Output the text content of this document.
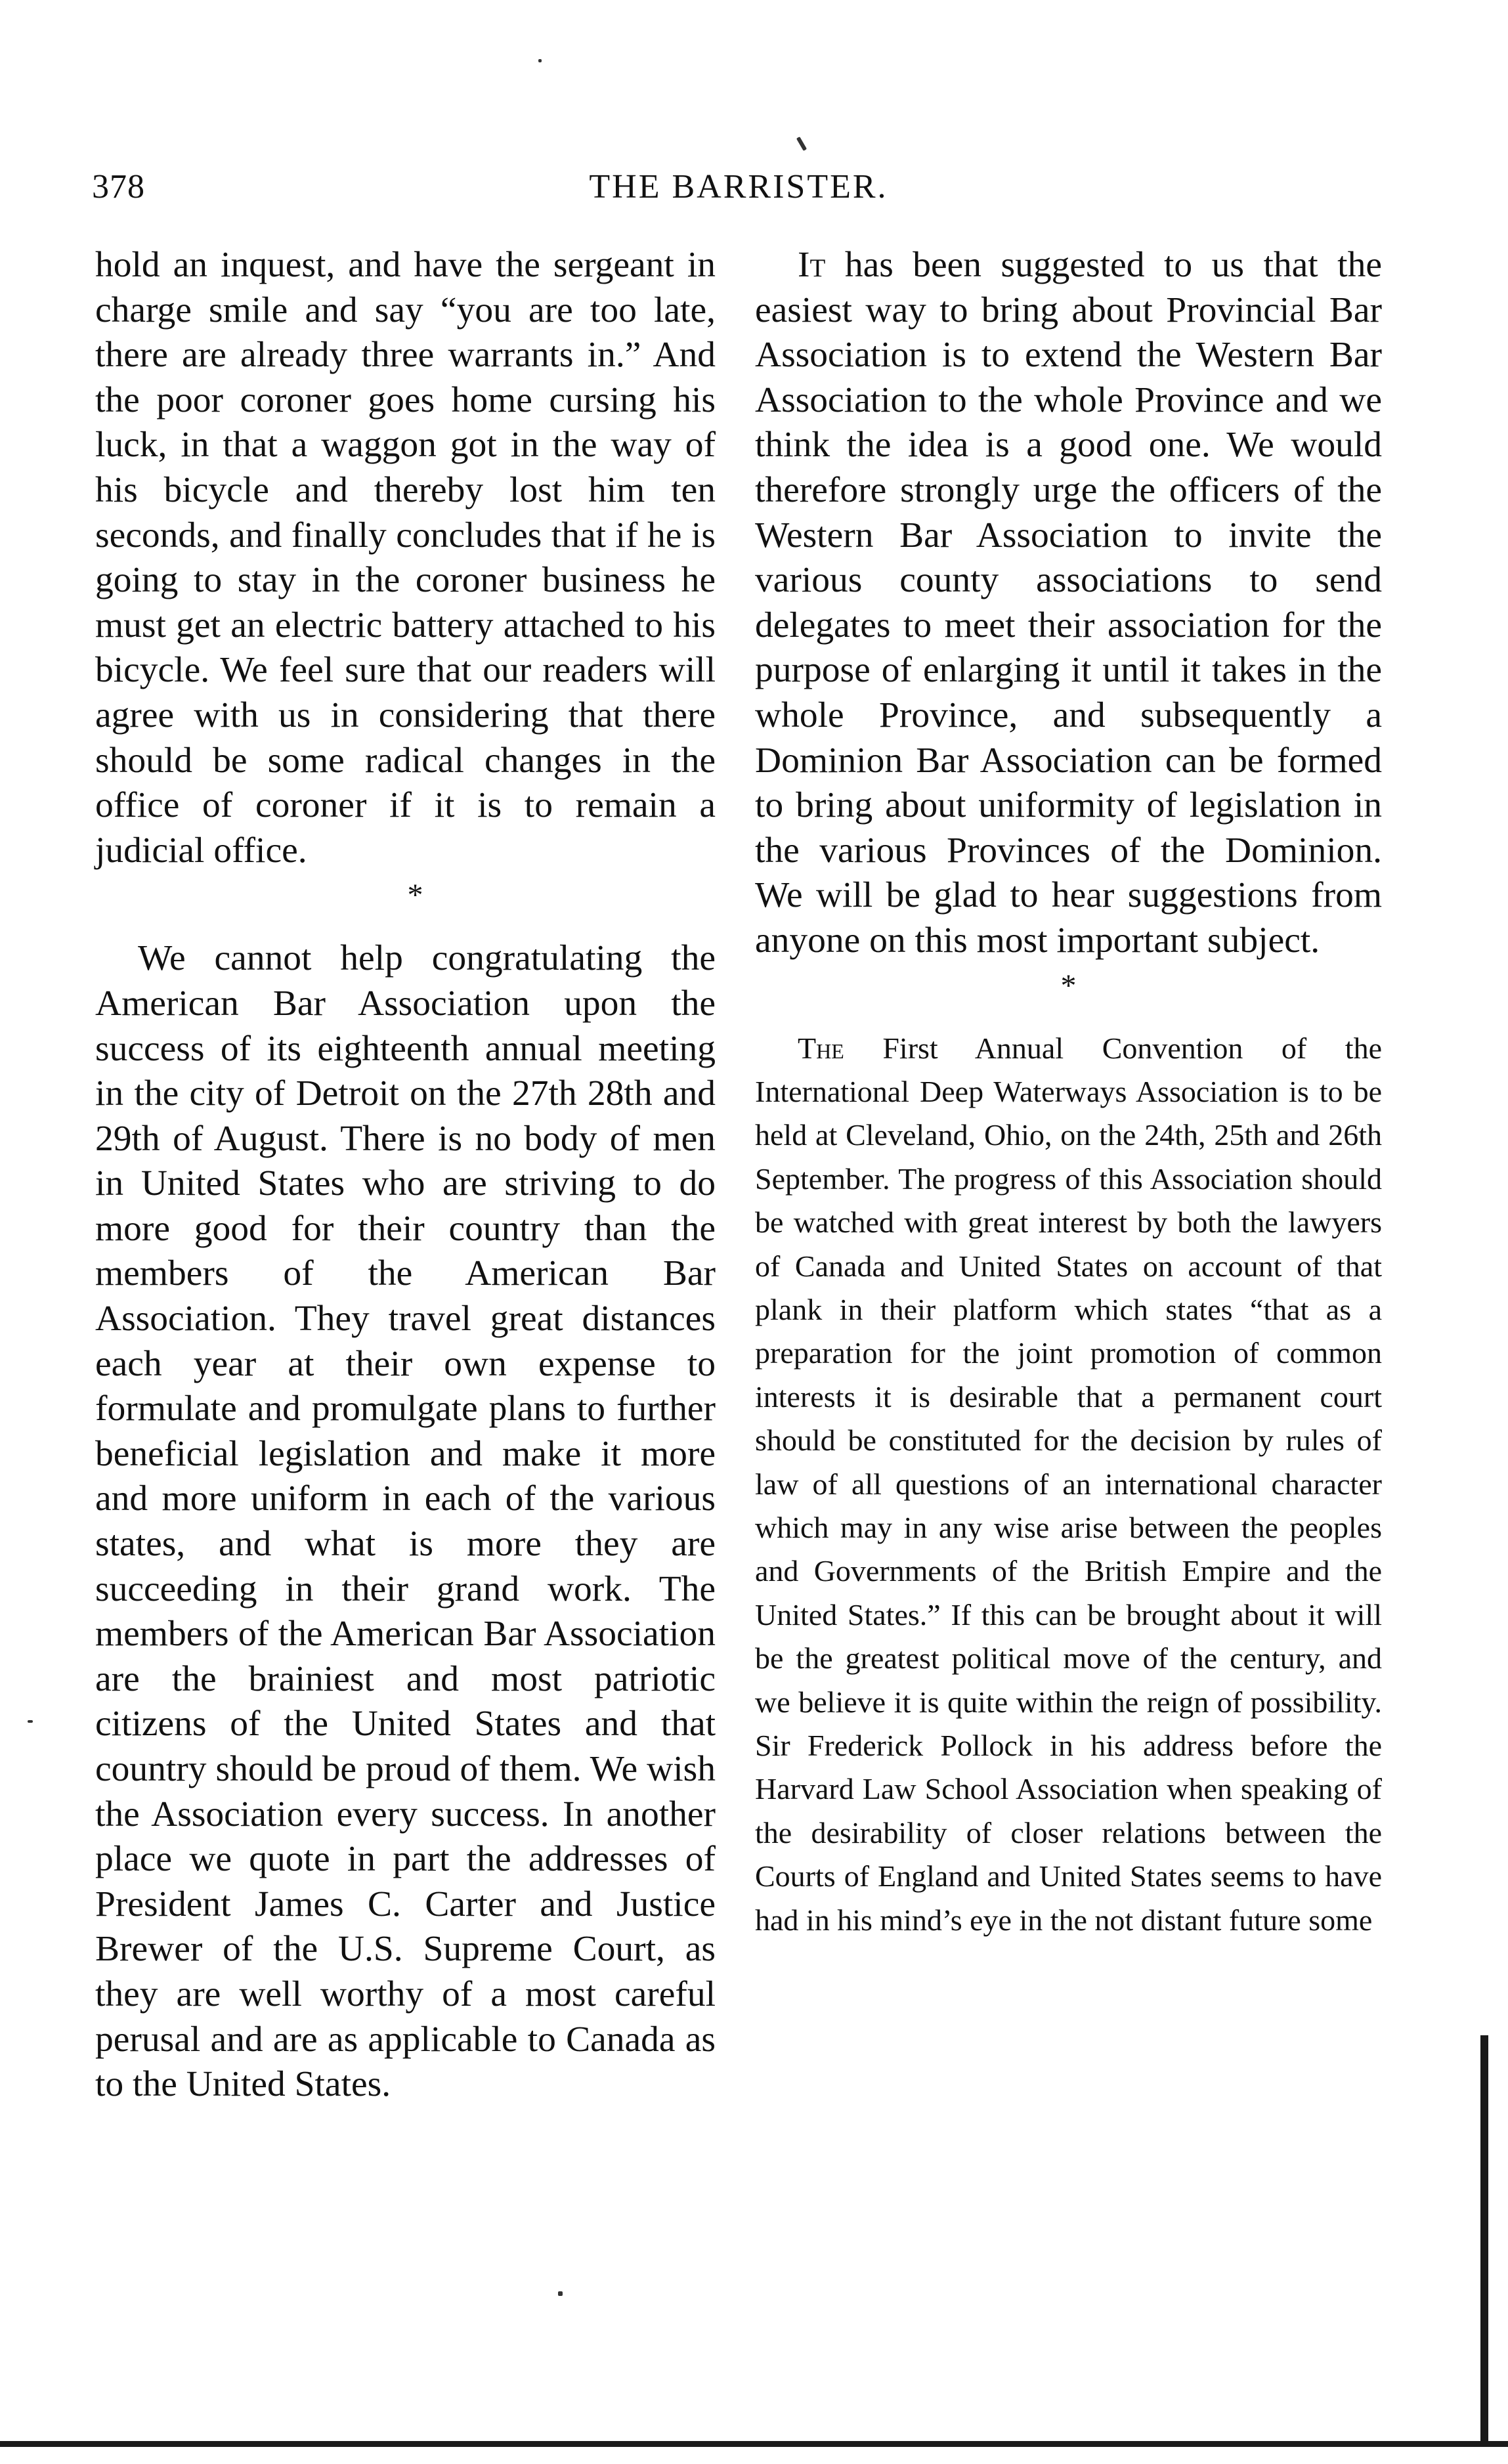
378	THE BARRISTER.

hold an inquest, and have the sergeant in charge smile and say “you are too late, there are already three warrants in.” And the poor coroner goes home cursing his luck, in that a waggon got in the way of his bicycle and thereby lost him ten seconds, and finally concludes that if he is going to stay in the coroner business he must get an electric battery attached to his bicycle. We feel sure that our readers will agree with us in considering that there should be some radical changes in the office of coroner if it is to remain a judicial office.

*

We cannot help congratulating the American Bar Association upon the success of its eighteenth annual meeting in the city of Detroit on the 27th 28th and 29th of August. There is no body of men in United States who are striving to do more good for their country than the members of the American Bar Association. They travel great distances each year at their own expense to formulate and promulgate plans to further beneficial legislation and make it more and more uniform in each of the various states, and what is more they are succeeding in their grand work. The members of the American Bar Association are the brainiest and most patriotic citizens of the United States and that country should be proud of them. We wish the Association every success. In another place we quote in part the addresses of President James C. Carter and Justice Brewer of the U.S. Supreme Court, as they are well worthy of a most careful perusal and are as applicable to Canada as to the United States.

It has been suggested to us that the easiest way to bring about Provincial Bar Association is to extend the Western Bar Association to the whole Province and we think the idea is a good one. We would therefore strongly urge the officers of the Western Bar Association to invite the various county associations to send delegates to meet their association for the purpose of enlarging it until it takes in the whole Province, and subsequently a Dominion Bar Association can be formed to bring about uniformity of legislation in the various Provinces of the Dominion. We will be glad to hear suggestions from anyone on this most important subject.

*

The First Annual Convention of the International Deep Waterways Association is to be held at Cleveland, Ohio, on the 24th, 25th and 26th September. The progress of this Association should be watched with great interest by both the lawyers of Canada and United States on account of that plank in their platform which states “that as a preparation for the joint promotion of common interests it is desirable that a permanent court should be constituted for the decision by rules of law of all questions of an international character which may in any wise arise between the peoples and Governments of the British Empire and the United States.” If this can be brought about it will be the greatest political move of the century, and we believe it is quite within the reign of possibility. Sir Frederick Pollock in his address before the Harvard Law School Association when speaking of the desirability of closer relations between the Courts of England and United States seems to have had in his mind’s eye in the not distant future some
